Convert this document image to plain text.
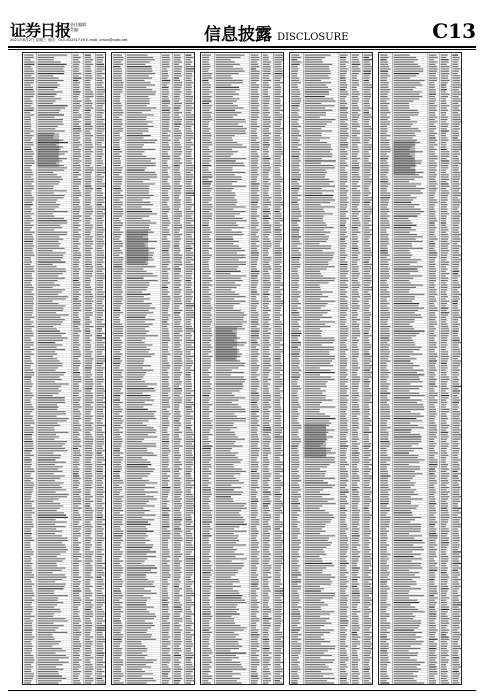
证券日报 责任编辑：
美编：
2021年6月2日 星期三 电话：010-83251716 E-mail: zmzx@zqrb.net	信息披露 DISCLOSURE	C13
